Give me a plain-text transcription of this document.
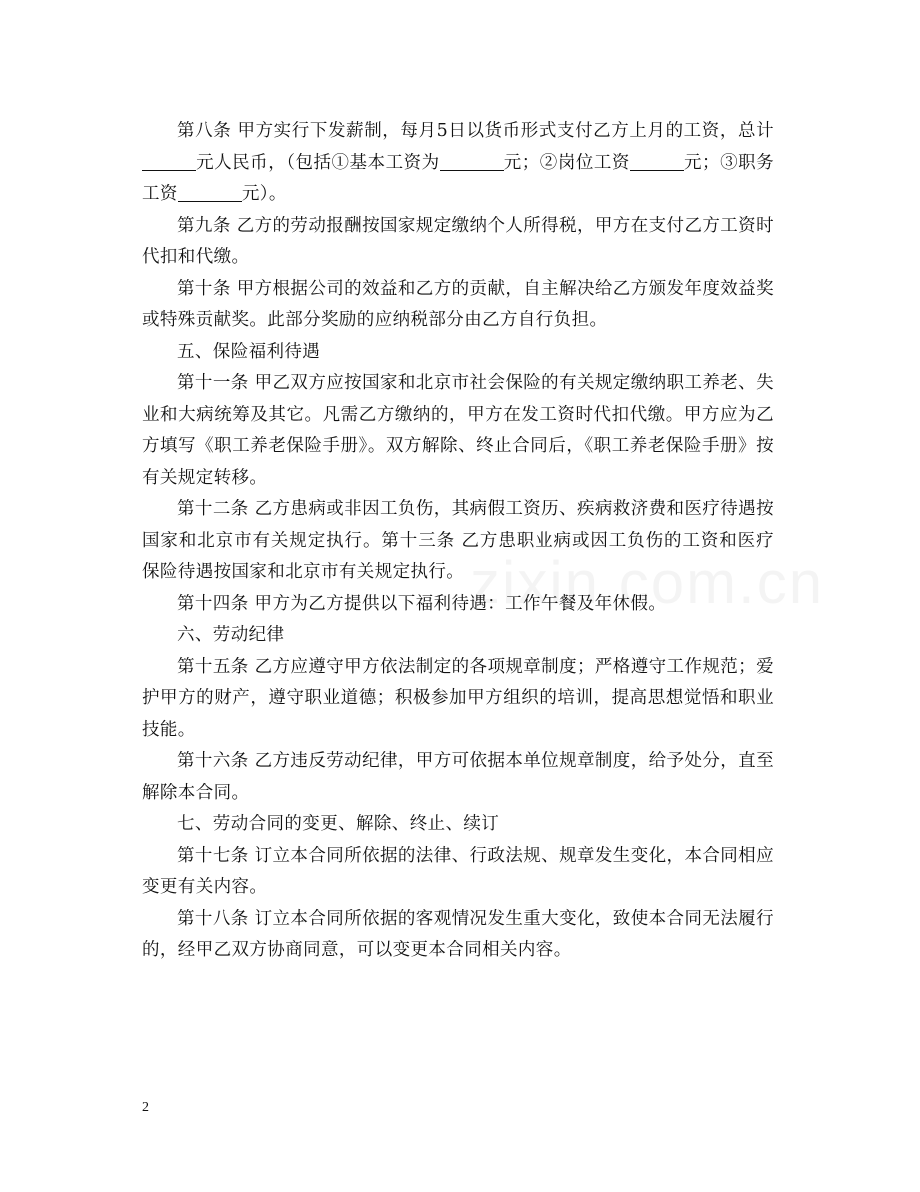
第八条 甲方实行下发薪制，每月5日以货币形式支付乙方上月的工资，总计元人民币，（包括①基本工资为	元；②岗位工资	元；③职务工资	元）。

第九条 乙方的劳动报酬按国家规定缴纳个人所得税，甲方在支付乙方工资时代扣和代缴。

第十条 甲方根据公司的效益和乙方的贡献，自主解决给乙方颁发年度效益奖或特殊贡献奖。此部分奖励的应纳税部分由乙方自行负担。

五、保险福利待遇

第十一条 甲乙双方应按国家和北京市社会保险的有关规定缴纳职工养老、失业和大病统筹及其它。凡需乙方缴纳的，甲方在发工资时代扣代缴。甲方应为乙方填写《职工养老保险手册》。双方解除、终止合同后，《职工养老保险手册》按有关规定转移。

第十二条 乙方患病或非因工负伤，其病假工资历、疾病救济费和医疗待遇按国家和北京市有关规定执行。第十三条 乙方患职业病或因工负伤的工资和医疗保险待遇按国家和北京市有关规定执行。

第十四条 甲方为乙方提供以下福利待遇：工作午餐及年休假。

六、劳动纪律

第十五条 乙方应遵守甲方依法制定的各项规章制度；严格遵守工作规范；爱护甲方的财产，遵守职业道德；积极参加甲方组织的培训，提高思想觉悟和职业技能。

第十六条 乙方违反劳动纪律，甲方可依据本单位规章制度，给予处分，直至解除本合同。

七、劳动合同的变更、解除、终止、续订

第十七条 订立本合同所依据的法律、行政法规、规章发生变化，本合同相应变更有关内容。

第十八条 订立本合同所依据的客观情况发生重大变化，致使本合同无法履行的，经甲乙双方协商同意，可以变更本合同相关内容。

2
